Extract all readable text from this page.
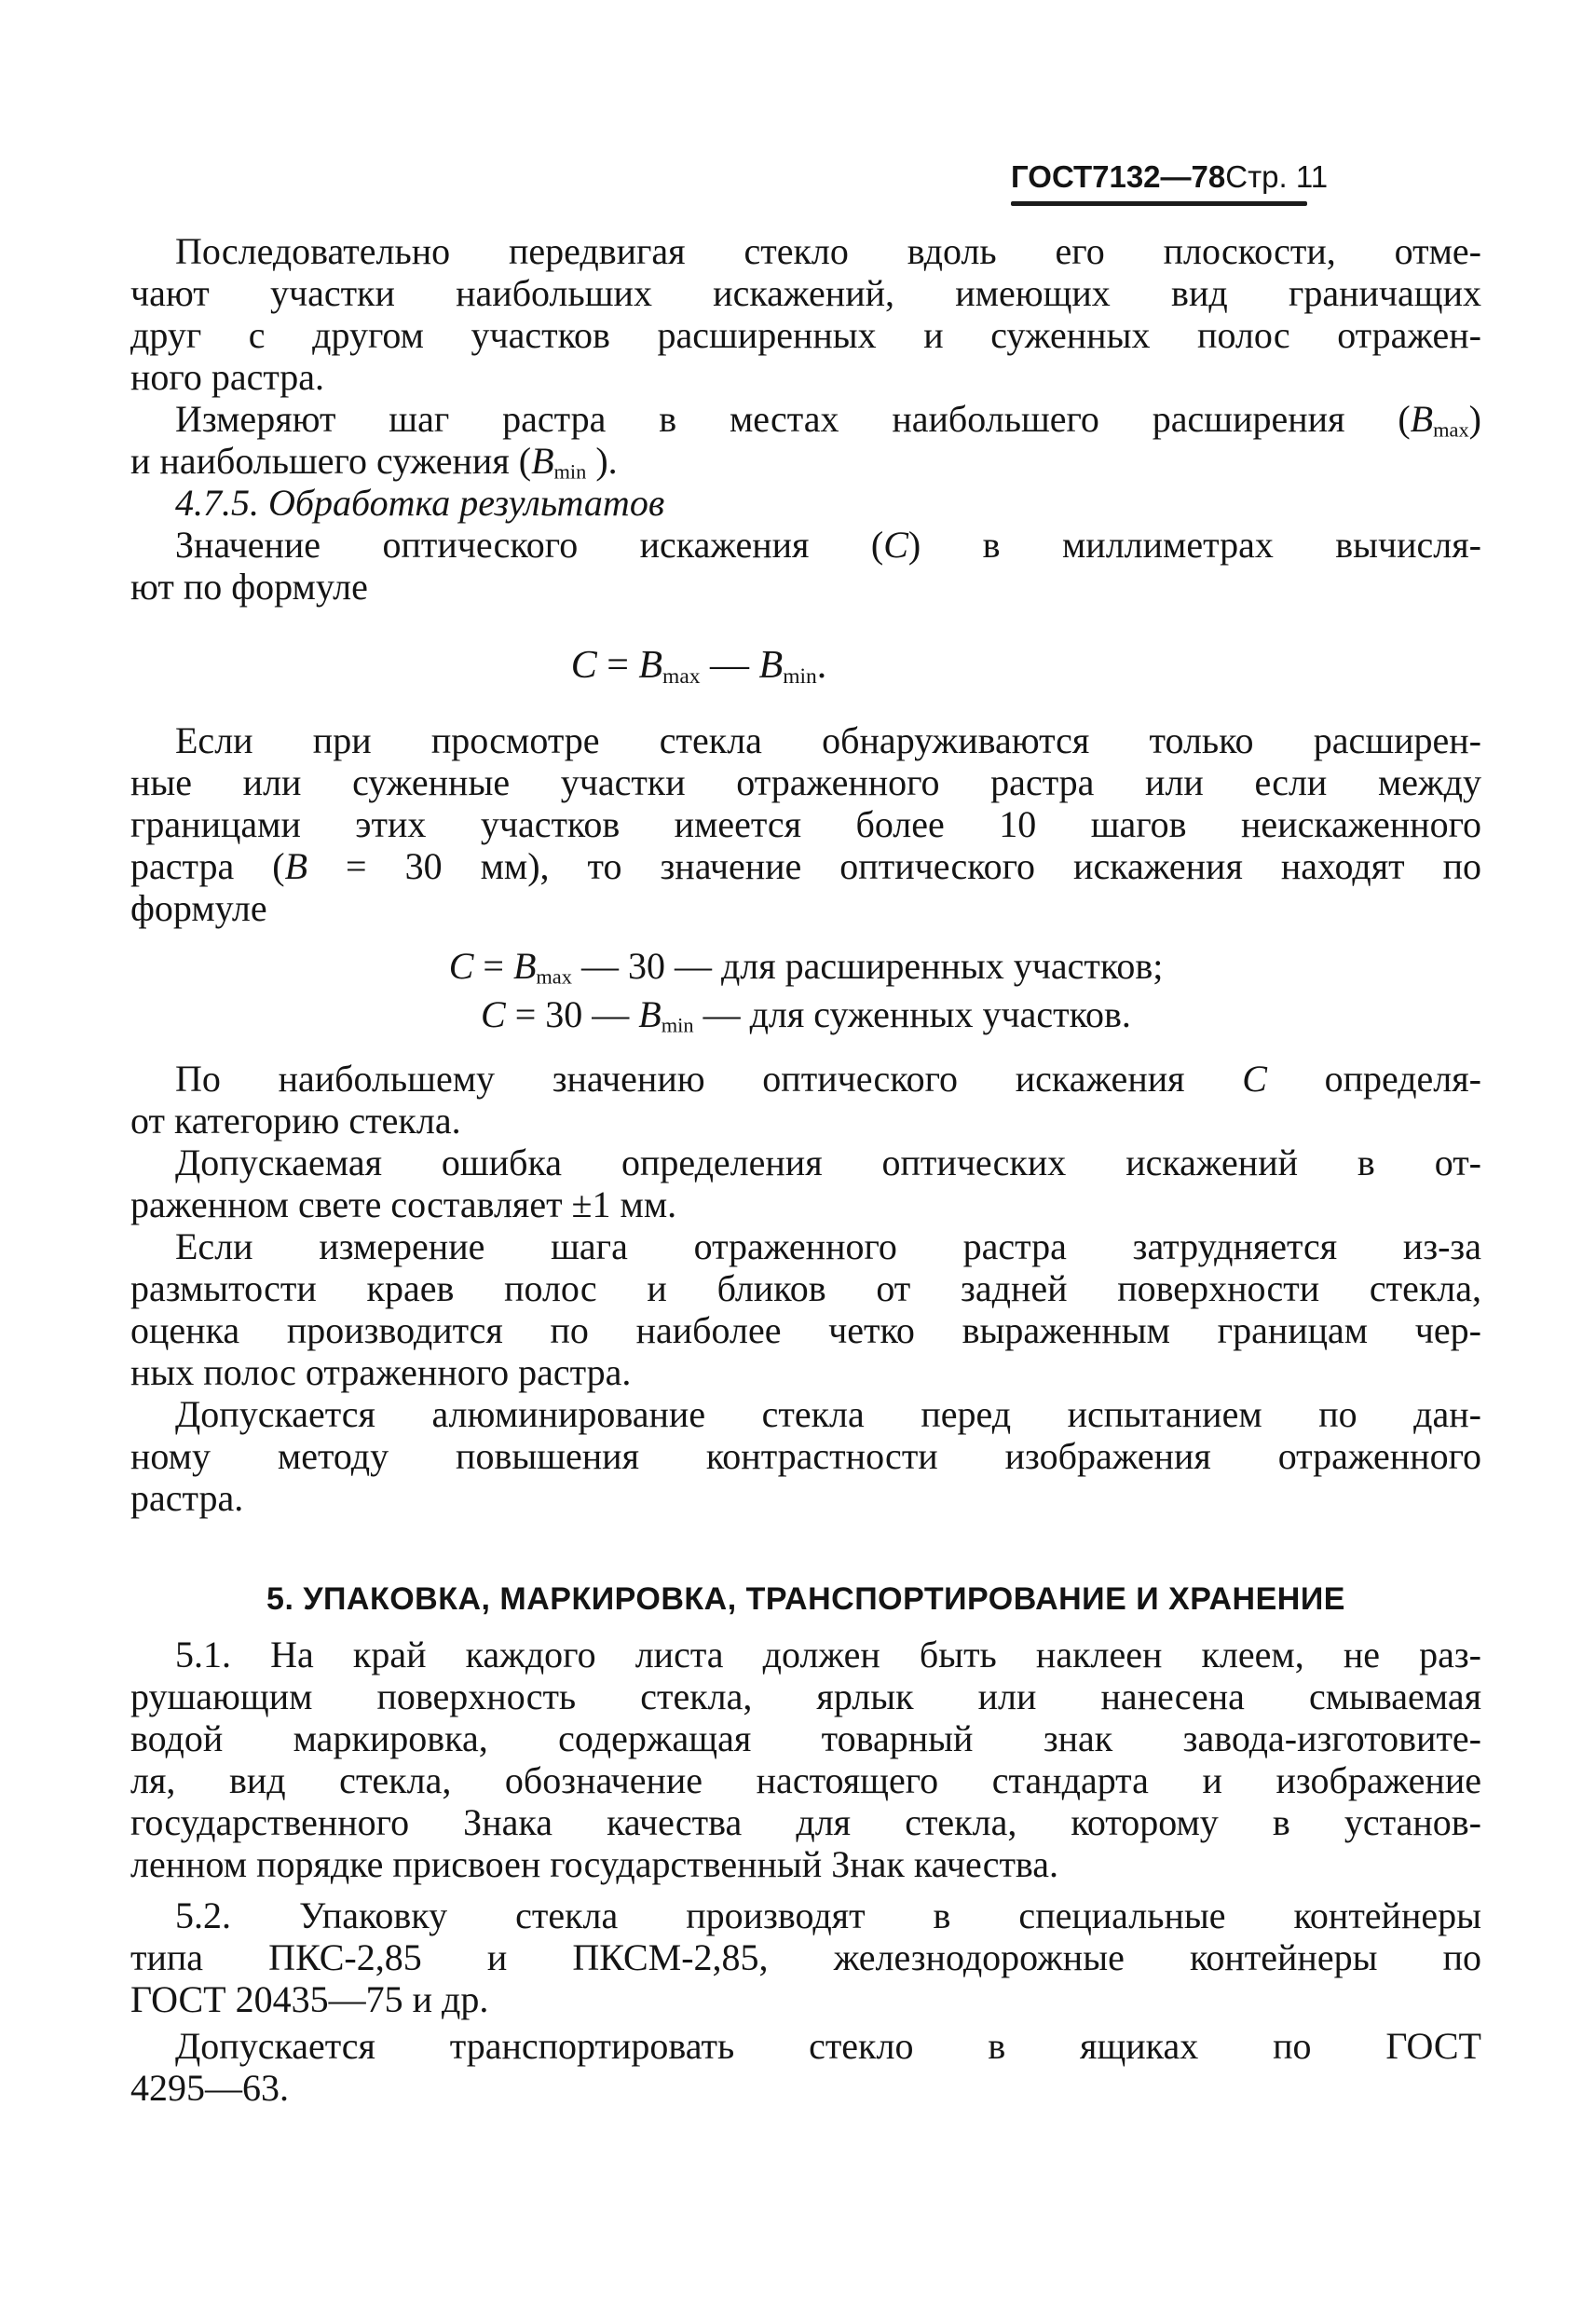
ГОСТ 7132—78 Стр. 11
Последовательно передвигая стекло вдоль его плоскости, отме-
чают участки наибольших искажений, имеющих вид граничащих
друг с другом участков расширенных и суженных полос отражен-
ного растра.
Измеряют шаг растра в местах наибольшего расширения $(В_{max})$
и наибольшего сужения ($В_{min}$ ).
4.7.5. Обработка результатов
Значение оптического искажения (С) в миллиметрах вычисля-
ют по формуле
$С = В_{max}$ — $В_{min}$.
Если при просмотре стекла обнаруживаются только расширен-
ные или суженные участки отраженного растра или если между
границами этих участков имеется более 10 шагов неискаженного
растра (В = 30 мм), то значение оптического искажения находят по
формуле
$С = В_{max}$ — 30 — для расширенных участков;
С = 30 — $В_{min}$ — для суженных участков.
По наибольшему значению оптического искажения С определя-
от категорию стекла.
Допускаемая ошибка определения оптических искажений в от-
раженном свете составляет ±1 мм.
Если измерение шага отраженного растра затрудняется из-за
размытости краев полос и бликов от задней поверхности стекла,
оценка производится по наиболее четко выраженным границам чер-
ных полос отраженного растра.
Допускается алюминирование стекла перед испытанием по дан-
ному методу повышения контрастности изображения отраженного
растра.
5. УПАКОВКА, МАРКИРОВКА, ТРАНСПОРТИРОВАНИЕ И ХРАНЕНИЕ
5.1. На край каждого листа должен быть наклеен клеем, не раз-
рушающим поверхность стекла, ярлык или нанесена смываемая
водой маркировка, содержащая товарный знак завода-изготовите-
ля, вид стекла, обозначение настоящего стандарта и изображение
государственного Знака качества для стекла, которому в установ-
ленном порядке присвоен государственный Знак качества.
5.2. Упаковку стекла производят в специальные контейнеры
типа ПКС-2,85 и ПКСМ-2,85, железнодорожные контейнеры по
ГОСТ 20435—75 и др.
Допускается транспортировать стекло в ящиках по ГОСТ
4295—63.
